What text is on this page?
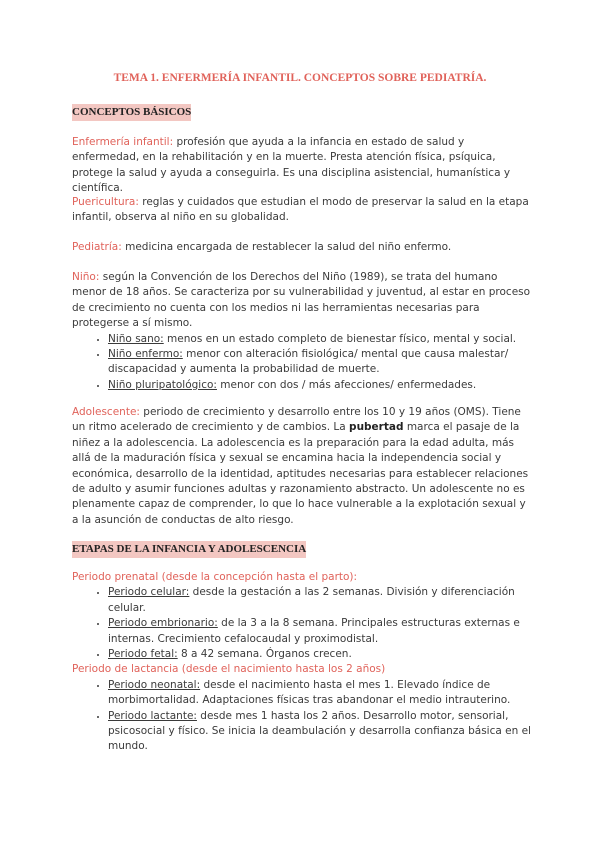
TEMA 1. ENFERMERÍA INFANTIL. CONCEPTOS SOBRE PEDIATRÍA.
CONCEPTOS BÁSICOS
Enfermería infantil: profesión que ayuda a la infancia en estado de salud y enfermedad, en la rehabilitación y en la muerte. Presta atención física, psíquica, protege la salud y ayuda a conseguirla. Es una disciplina asistencial, humanística y científica.
Puericultura: reglas y cuidados que estudian el modo de preservar la salud en la etapa infantil, observa al niño en su globalidad.
Pediatría: medicina encargada de restablecer la salud del niño enfermo.
Niño: según la Convención de los Derechos del Niño (1989), se trata del humano menor de 18 años. Se caracteriza por su vulnerabilidad y juventud, al estar en proceso de crecimiento no cuenta con los medios ni las herramientas necesarias para protegerse a sí mismo.
• Niño sano: menos en un estado completo de bienestar físico, mental y social.
• Niño enfermo: menor con alteración fisiológica/ mental que causa malestar/ discapacidad y aumenta la probabilidad de muerte.
• Niño pluripatológico: menor con dos / más afecciones/ enfermedades.
Adolescente: periodo de crecimiento y desarrollo entre los 10 y 19 años (OMS). Tiene un ritmo acelerado de crecimiento y de cambios. La pubertad marca el pasaje de la niñez a la adolescencia. La adolescencia es la preparación para la edad adulta, más allá de la maduración física y sexual se encamina hacia la independencia social y económica, desarrollo de la identidad, aptitudes necesarias para establecer relaciones de adulto y asumir funciones adultas y razonamiento abstracto. Un adolescente no es plenamente capaz de comprender, lo que lo hace vulnerable a la explotación sexual y a la asunción de conductas de alto riesgo.
ETAPAS DE LA INFANCIA Y ADOLESCENCIA
Periodo prenatal (desde la concepción hasta el parto):
• Periodo celular: desde la gestación a las 2 semanas. División y diferenciación celular.
• Periodo embrionario: de la 3 a la 8 semana. Principales estructuras externas e internas. Crecimiento cefalocaudal y proximodistal.
• Periodo fetal: 8 a 42 semana. Órganos crecen.
Periodo de lactancia (desde el nacimiento hasta los 2 años)
• Periodo neonatal: desde el nacimiento hasta el mes 1. Elevado índice de morbimortalidad. Adaptaciones físicas tras abandonar el medio intrauterino.
• Periodo lactante: desde mes 1 hasta los 2 años. Desarrollo motor, sensorial, psicosocial y físico. Se inicia la deambulación y desarrolla confianza básica en el mundo.
